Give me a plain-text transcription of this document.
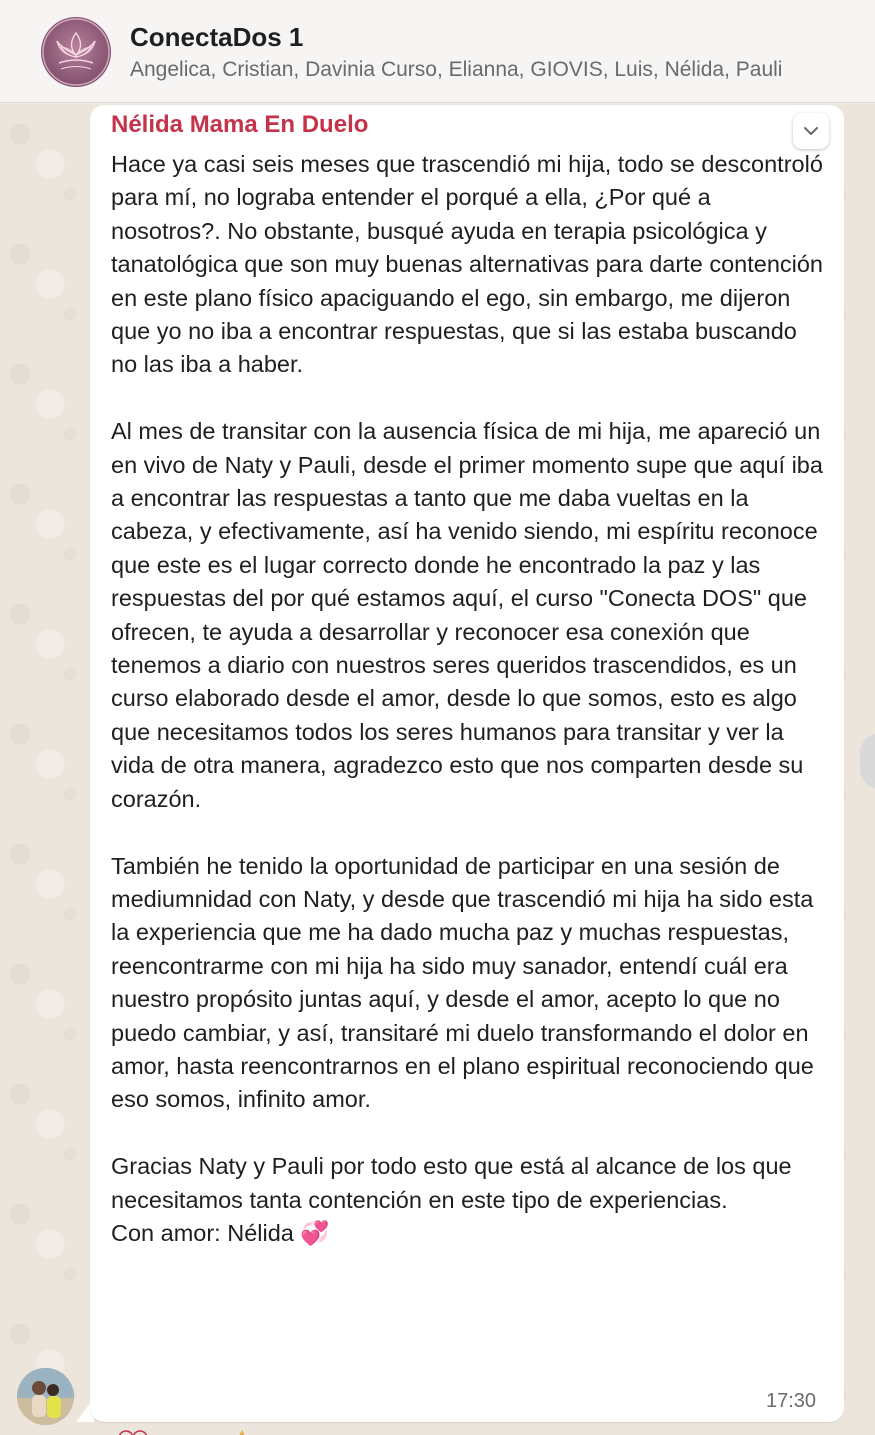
ConectaDos 1
Angelica, Cristian, Davinia Curso, Elianna, GIOVIS, Luis, Nélida, Pauli
Nélida Mama En Duelo

Hace ya casi seis meses que trascendió mi hija, todo se descontroló para mí, no lograba entender el porqué a ella, ¿Por qué a nosotros?. No obstante, busqué ayuda en terapia psicológica y tanatológica que son muy buenas alternativas para darte contención en este plano físico apaciguando el ego, sin embargo, me dijeron que yo no iba a encontrar respuestas, que si las estaba buscando no las iba a haber.

Al mes de transitar con la ausencia física de mi hija, me apareció un en vivo de Naty y Pauli, desde el primer momento supe que aquí iba a encontrar las respuestas a tanto que me daba vueltas en la cabeza, y efectivamente, así ha venido siendo, mi espíritu reconoce que este es el lugar correcto donde he encontrado la paz y las respuestas del por qué estamos aquí, el curso "Conecta DOS" que ofrecen, te ayuda a desarrollar y reconocer esa conexión que tenemos a diario con nuestros seres queridos trascendidos, es un curso elaborado desde el amor, desde lo que somos, esto es algo que necesitamos todos los seres humanos para transitar y ver la vida de otra manera, agradezco esto que nos comparten desde su corazón.

También he tenido la oportunidad de participar en una sesión de mediumnidad con Naty, y desde que trascendió mi hija ha sido esta la experiencia que me ha dado mucha paz y muchas respuestas, reencontrarme con mi hija ha sido muy sanador, entendí cuál era nuestro propósito juntas aquí, y desde el amor, acepto lo que no puedo cambiar, y así, transitaré mi duelo transformando el dolor en amor, hasta reencontrarnos en el plano espiritual reconociendo que eso somos, infinito amor.

Gracias Naty y Pauli por todo esto que está al alcance de los que necesitamos tanta contención en este tipo de experiencias.

Con amor: Nélida 💞

17:30
